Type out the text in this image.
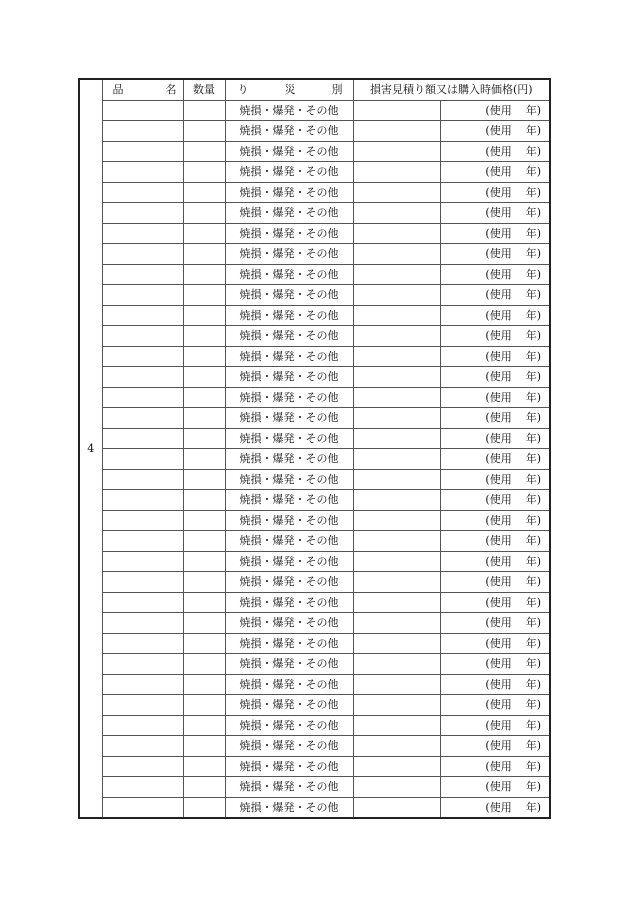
4	品 名	数量	り 災 別	損害見積り額又は購入時価格(円)	

			焼損・爆発・その他		(使用 年)

			焼損・爆発・その他		(使用 年)

			焼損・爆発・その他		(使用 年)

			焼損・爆発・その他		(使用 年)

			焼損・爆発・その他		(使用 年)

			焼損・爆発・その他		(使用 年)

			焼損・爆発・その他		(使用 年)

			焼損・爆発・その他		(使用 年)

			焼損・爆発・その他		(使用 年)

			焼損・爆発・その他		(使用 年)

			焼損・爆発・その他		(使用 年)

			焼損・爆発・その他		(使用 年)

			焼損・爆発・その他		(使用 年)

			焼損・爆発・その他		(使用 年)

			焼損・爆発・その他		(使用 年)

			焼損・爆発・その他		(使用 年)

			焼損・爆発・その他		(使用 年)

			焼損・爆発・その他		(使用 年)

			焼損・爆発・その他		(使用 年)

			焼損・爆発・その他		(使用 年)

			焼損・爆発・その他		(使用 年)

			焼損・爆発・その他		(使用 年)

			焼損・爆発・その他		(使用 年)

			焼損・爆発・その他		(使用 年)

			焼損・爆発・その他		(使用 年)

			焼損・爆発・その他		(使用 年)

			焼損・爆発・その他		(使用 年)

			焼損・爆発・その他		(使用 年)

			焼損・爆発・その他		(使用 年)

			焼損・爆発・その他		(使用 年)

			焼損・爆発・その他		(使用 年)

			焼損・爆発・その他		(使用 年)

			焼損・爆発・その他		(使用 年)

			焼損・爆発・その他		(使用 年)

			焼損・爆発・その他		(使用 年)
